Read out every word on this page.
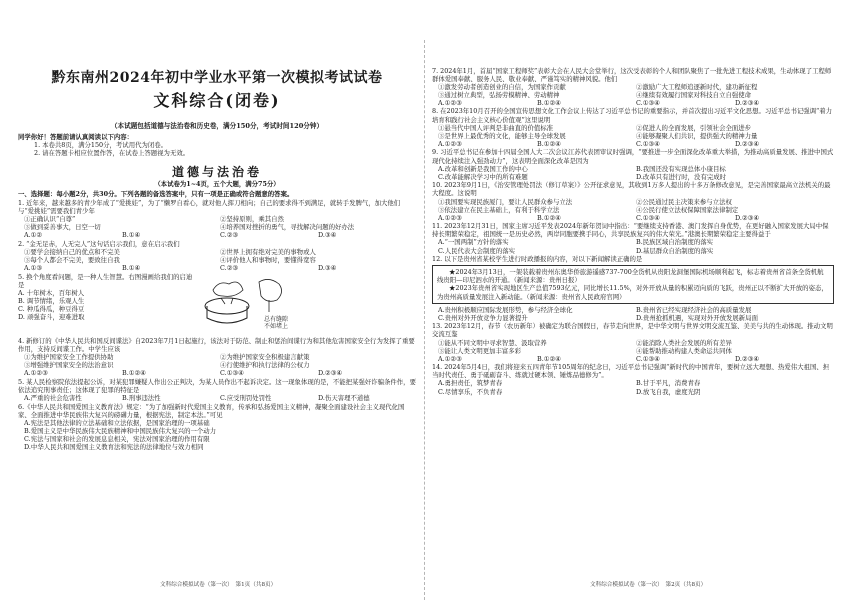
黔东南州2024年初中学业水平第一次模拟考试试卷
文科综合(闭卷)
（本试题包括道德与法治卷和历史卷，满分150分，考试时间120分钟）
同学你好！答题前请认真阅读以下内容：
1. 本卷共8页，满分150分，考试用代为闭卷。
2. 请在答题卡相应位置作答，在试卷上答题视为无效。
道德与法治卷
（本试卷为1~4页，五个大题，满分75分）
一、选择题：每小题2分，共30分。下列各题的备选答案中，只有一项是正确或符合题意的答案。
1. 近年来，越来越多的青少年成了“爱挑娃”，为了“懒罗自看心，就对他人挥刀相向；自己的要求得不到满足，就转手发脾气，加大他们与“爱挑娃”需要我们青少年
①正确认识“自尊”	②坚持原则，乘其自然
③做到妥善事大，日空一切	④培养国对挫折的勇气，寻找解决问题的好办法
A.①②	B.①④	C.②③	D.③④
2. “金无足赤，人无完人”这句话启示我们，意在启示我们
①要学会接纳自己的优点和不完美	②世界上拥有绝对完美的事物或人
③每个人都会不完美，要致往自我	④评价他人和事物时，要懂得宽容
A.①③	B.①④	C.②③	D.③④
5. 换个角度看问题，是一种人生智慧。右图漫画给我们的启迪是
A. 十年树木，百年树人
B. 调节情绪，乐观人生
C. 种瓜得瓜，种豆得豆
D. 顽强奋斗，迎难进取	总有缝隙
不如堵上
4. 新修订的《中华人民共和国反间谍法》自2023年7月1日起施行，该法对于防范、制止和惩治间谍行为和其他危害国家安全行为发挥了重要作用，支持反间谍工作。中学生应该
①为维护国家安全工作提供协助	②为维护国家安全积极建言献策
③增强维护国家安全的法治意识	④行使维护和执行法律的公权力
A.①②③	B.①②④	C.①③④	D.②③④
5. 某人民检察院依法提起公诉，对某犯罪嫌疑人作出公正判决，为某人员作出不起诉决定。这一现象体现的是，不能把某强奸诈骗条件作，要依法追究刑事责任；这体现了犯罪的特征是
A.严重的社会危害性	B.刑事违法性	C.应受刑罚处罚性	D.伤天害理不道德
6.《中华人民共和国爱国主义教育法》规定：“为了加强新时代爱国主义教育，传承和弘扬爱国主义精神，凝聚全面建设社会主义现代化国家、全面推进中华民族伟大复兴的磅礴力量，根据宪法，制定本法。”可见
A.宪法是其他法律的立法基础和立法依据，是国家治理的一项基础
B.爱国主义是中华民族伟大民族精神和中国民族伟大复兴的一个动力
C.宪法与国家和社会的发展息息相关，宪法对国家治理的作用有限
D.中华人民共和国爱国主义教育法和宪法的法律地位与效力相同
7. 2024年1月，首届“国家工程师奖”表彰大会在人民大会堂举行，这次受表彰的个人和团队聚焦了一批先进工程技术成果，生动体现了工程师群体爱国奉献、服务人民、敬业奉献、严谨笃实的精神风貌。他们
①激发劳动者创造创业的自信，为国家作贡献	②激励广大工程师追逐新时代，建功新征程
③通过树立典型，弘扬劳模精神、劳动精神	④继续有效履行国家对科技自立自强使命
A.①②③	B.①②④	C.①③④	D.②③④
8. 在2023年10月召开的全国宣传思想文化工作会议上传达了习近平总书记的重要指示，并首次提出习近平文化思想。习近平总书记强调“着力培育和践行社会主义核心价值观”这里说明
①悬当代中国人评判是非曲直的价值标准	②促进人的全面发展，引领社会全面进步
③是世界上最优秀的文化，能够主导全球发展	④能够凝聚人们共识，提供强大的精神力量
A.①②③	B.①②④	C.①③④	D.②③④
9. 习近平总书记在参加十四届全国人大二次会议江苏代表团审议时强调，“要推进一步全面深化改革重大举措，为推动高质量发展、推进中国式现代化持续注入强劲动力”，这表明全面深化改革是因为
A.改革和创新是我国工作的中心	B.我国还没有实现总体小康目标
C.改革能解决学习中的所有难题	D.改革只有进行时，没有完成时
10. 2023年9月1日，《治安管理处罚法（修订草案）》公开征求意见，其收到1万多人提出的十多万条修改意见，是完善国家最高立法机关的最大程度。这说明
①我国要实现民族厦门，要让人民群众参与立法	②公民通过民主决策来参与立法权
③依法建立在民主基础上，有利于科学立法	④公民行使立法权保障国家法律制定
A.①②③	B.①②④	C.①③④	D.②③④
11. 2023年12月31日，国家主席习近平发表2024年新年贺词中指出：“要继续支持香港、澳门发挥自身优势，在更好融入国家发展大局中保持长期繁荣稳定，祖国统一是历史必然，两岸同胞要携手同心，共享民族复兴的伟大荣光。”港澳长期繁荣稳定主要得益于
A.“一国两制”方针的落实	B.民族区域自治制度的落实
C.人民代表大会制度的落实	D.基层群众自治制度的落实
12. 以下是贵州省某校学生进行时政播报的内容，对以下新闻解读正确的是

★2024年3月13日，一架装载着贵州东奥华侨旅游遥感737-700全货机从贵阳龙洞堡国际机场顺利起飞，标志着贵州省首条全货机航线贵阳—印尼泗水的开通。（新闻来源：贵州日报）

★2023年贵州省实现地区生产总值7593亿元，同比增长11.5%，对外开放从量的积累迈向质的飞跃，贵州正以不断扩大开放的姿态，为贵州高质量发展注入新动能。（新闻来源：贵州省人民政府官网）

A.贵州积极顺应国际发展形势，参与经济全球化	B.贵州省已经实现经济社会的高质量发展
C.贵州对外开放竞争力显著提升	D.贵州抢抓机遇，实现对外开放发展新局面
13. 2023年12月，春节（农历新年）被确定为联合国假日，春节走向世界，是中华文明与世界文明交流互鉴、美美与共的生动体现。推动文明交流互鉴
①能从不同文明中寻求智慧、汲取营养	②能消除人类社会发展的所有差异
③能让人类文明更加丰富多彩	④能帮助推动构建人类命运共同体
A.①②③	B.①②④	C.①③④	D.②③④
14. 2024年5月4日，我们将迎来五四青年节105周年的纪念日，习近平总书记强调“新时代的中国青年，要树立远大理想、热爱伟大祖国、担当时代责任、勇于砥砺奋斗、练就过硬本领、锤炼品德修为”。
A.勇担责任，筑梦青春	B.甘于平凡，消费青春
C.尽情享乐，不负青春	D.放飞自我，虚度光阴
文科综合模拟试卷（第一次）　第1页（共8页）	文科综合模拟试卷（第一次）　第2页（共8页）
